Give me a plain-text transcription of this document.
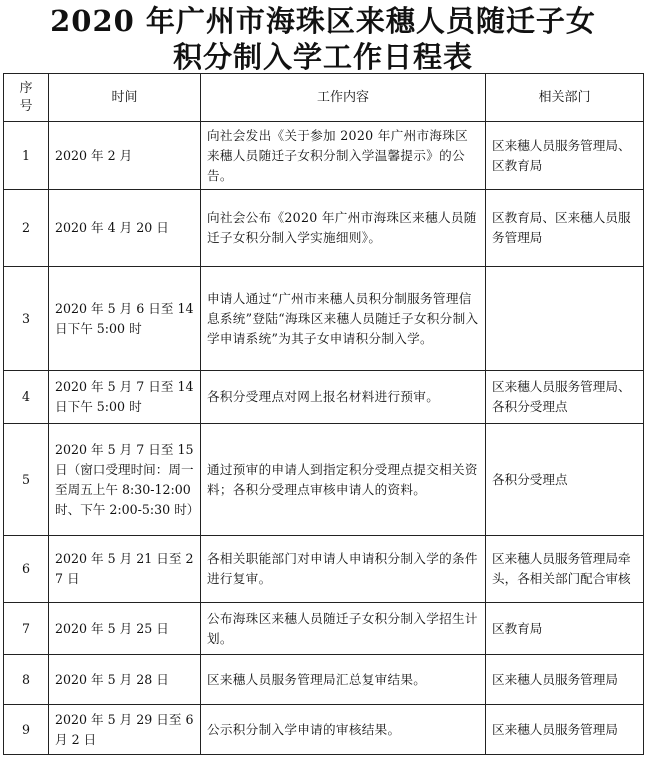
2020 年广州市海珠区来穗人员随迁子女
积分制入学工作日程表
序
号	时间	工作内容	相关部门
1	2020 年 2 月	向社会发出《关于参加 2020 年广州市海珠区来穗人员随迁子女积分制入学温馨提示》的公告。	区来穗人员服务管理局、区教育局
2	2020 年 4 月 20 日	向社会公布《2020 年广州市海珠区来穗人员随迁子女积分制入学实施细则》。	区教育局、区来穗人员服务管理局
3	2020 年 5 月 6 日至 14 日下午 5:00 时	申请人通过“广州市来穗人员积分制服务管理信息系统”登陆“海珠区来穗人员随迁子女积分制入学申请系统”为其子女申请积分制入学。	
4	2020 年 5 月 7 日至 14 日下午 5:00 时	各积分受理点对网上报名材料进行预审。	区来穗人员服务管理局、各积分受理点
5	2020 年 5 月 7 日至 15 日（窗口受理时间：周一至周五上午 8:30-12:00 时、下午 2:00-5:30 时）	通过预审的申请人到指定积分受理点提交相关资料；各积分受理点审核申请人的资料。	各积分受理点
6	2020 年 5 月 21 日至 27 日	各相关职能部门对申请人申请积分制入学的条件进行复审。	区来穗人员服务管理局牵头，各相关部门配合审核
7	2020 年 5 月 25 日	公布海珠区来穗人员随迁子女积分制入学招生计划。	区教育局
8	2020 年 5 月 28 日	区来穗人员服务管理局汇总复审结果。	区来穗人员服务管理局
9	2020 年 5 月 29 日至 6 月 2 日	公示积分制入学申请的审核结果。	区来穗人员服务管理局
